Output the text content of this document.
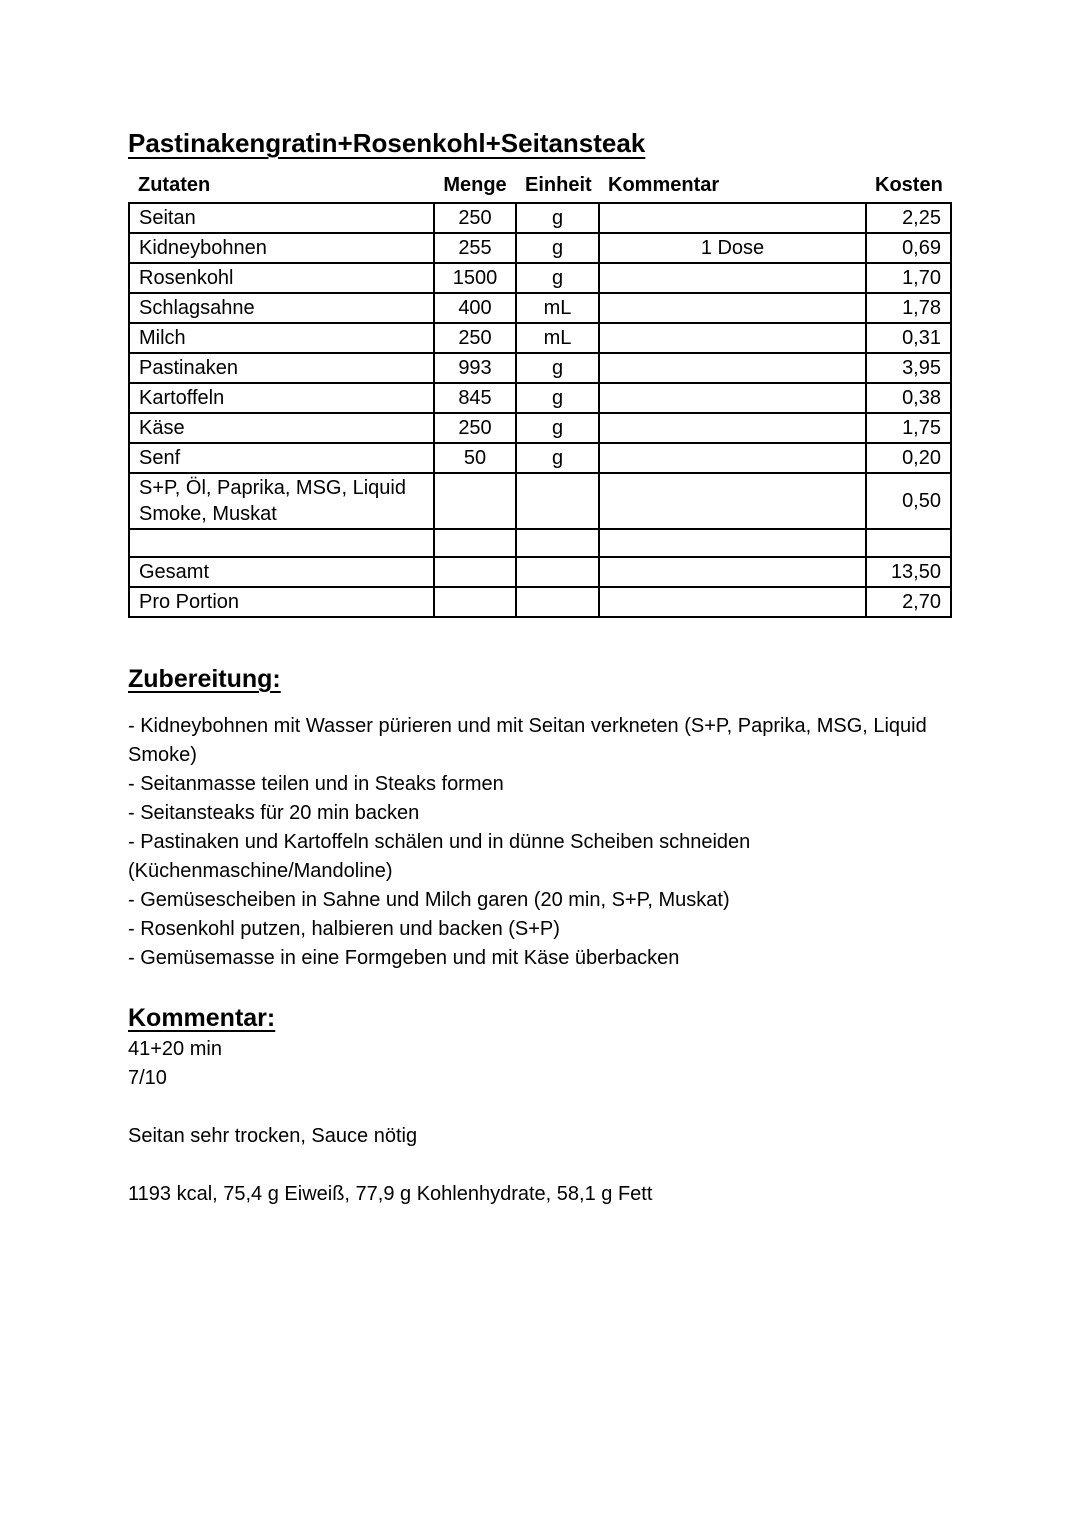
Pastinakengratin+Rosenkohl+Seitansteak
Zutaten	Menge	Einheit	Kommentar	Kosten
Seitan	250	g		2,25
Kidneybohnen	255	g	1 Dose	0,69
Rosenkohl	1500	g		1,70
Schlagsahne	400	mL		1,78
Milch	250	mL		0,31
Pastinaken	993	g		3,95
Kartoffeln	845	g		0,38
Käse	250	g		1,75
Senf	50	g		0,20
S+P, Öl, Paprika, MSG, Liquid Smoke, Muskat				0,50

Gesamt				13,50
Pro Portion				2,70
Zubereitung:
- Kidneybohnen mit Wasser pürieren und mit Seitan verkneten (S+P, Paprika, MSG, Liquid Smoke)
- Seitanmasse teilen und in Steaks formen
- Seitansteaks für 20 min backen
- Pastinaken und Kartoffeln schälen und in dünne Scheiben schneiden (Küchenmaschine/Mandoline)
- Gemüsescheiben in Sahne und Milch garen (20 min, S+P, Muskat)
- Rosenkohl putzen, halbieren und backen (S+P)
- Gemüsemasse in eine Formgeben und mit Käse überbacken
Kommentar:
41+20 min
7/10
Seitan sehr trocken, Sauce nötig
1193 kcal, 75,4 g Eiweiß, 77,9 g Kohlenhydrate, 58,1 g Fett
